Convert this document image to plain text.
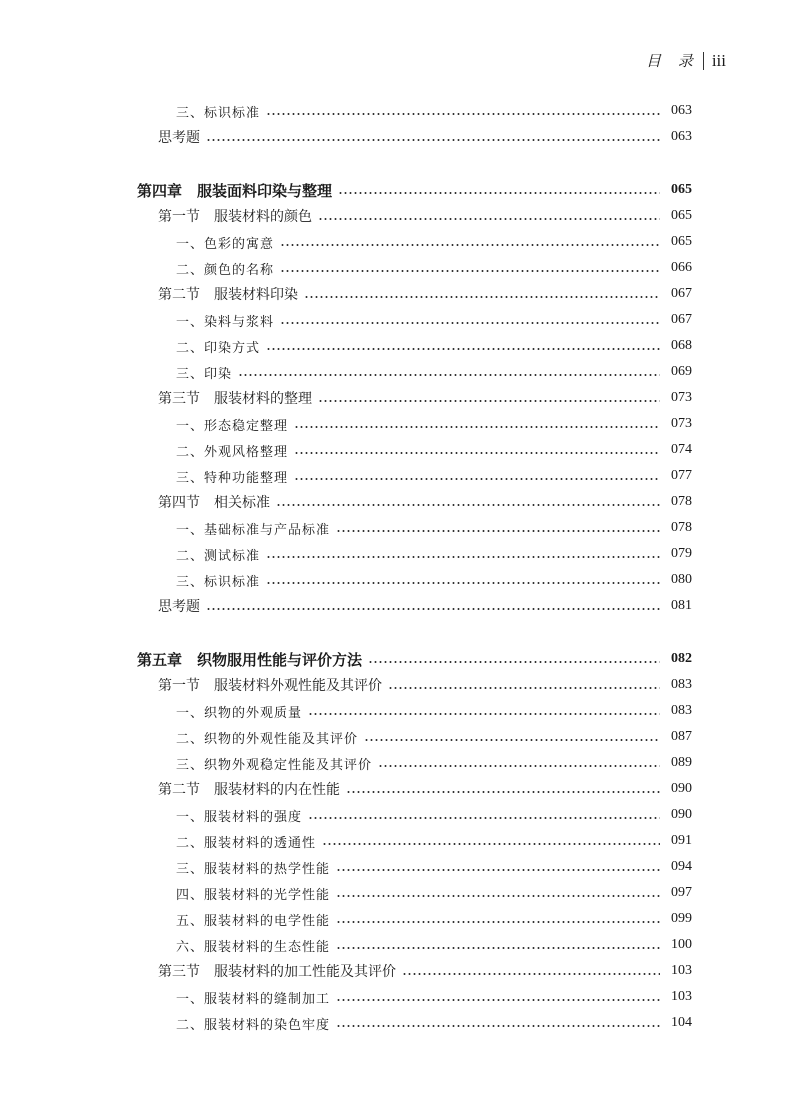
目 录 iii
三、标识标准	063
思考题	063
第四章　服装面料印染与整理	065
第一节　服装材料的颜色	065
一、色彩的寓意	065
二、颜色的名称	066
第二节　服装材料印染	067
一、染料与浆料	067
二、印染方式	068
三、印染	069
第三节　服装材料的整理	073
一、形态稳定整理	073
二、外观风格整理	074
三、特种功能整理	077
第四节　相关标准	078
一、基础标准与产品标准	078
二、测试标准	079
三、标识标准	080
思考题	081
第五章　织物服用性能与评价方法	082
第一节　服装材料外观性能及其评价	083
一、织物的外观质量	083
二、织物的外观性能及其评价	087
三、织物外观稳定性能及其评价	089
第二节　服装材料的内在性能	090
一、服装材料的强度	090
二、服装材料的透通性	091
三、服装材料的热学性能	094
四、服装材料的光学性能	097
五、服装材料的电学性能	099
六、服装材料的生态性能	100
第三节　服装材料的加工性能及其评价	103
一、服装材料的缝制加工	103
二、服装材料的染色牢度	104
